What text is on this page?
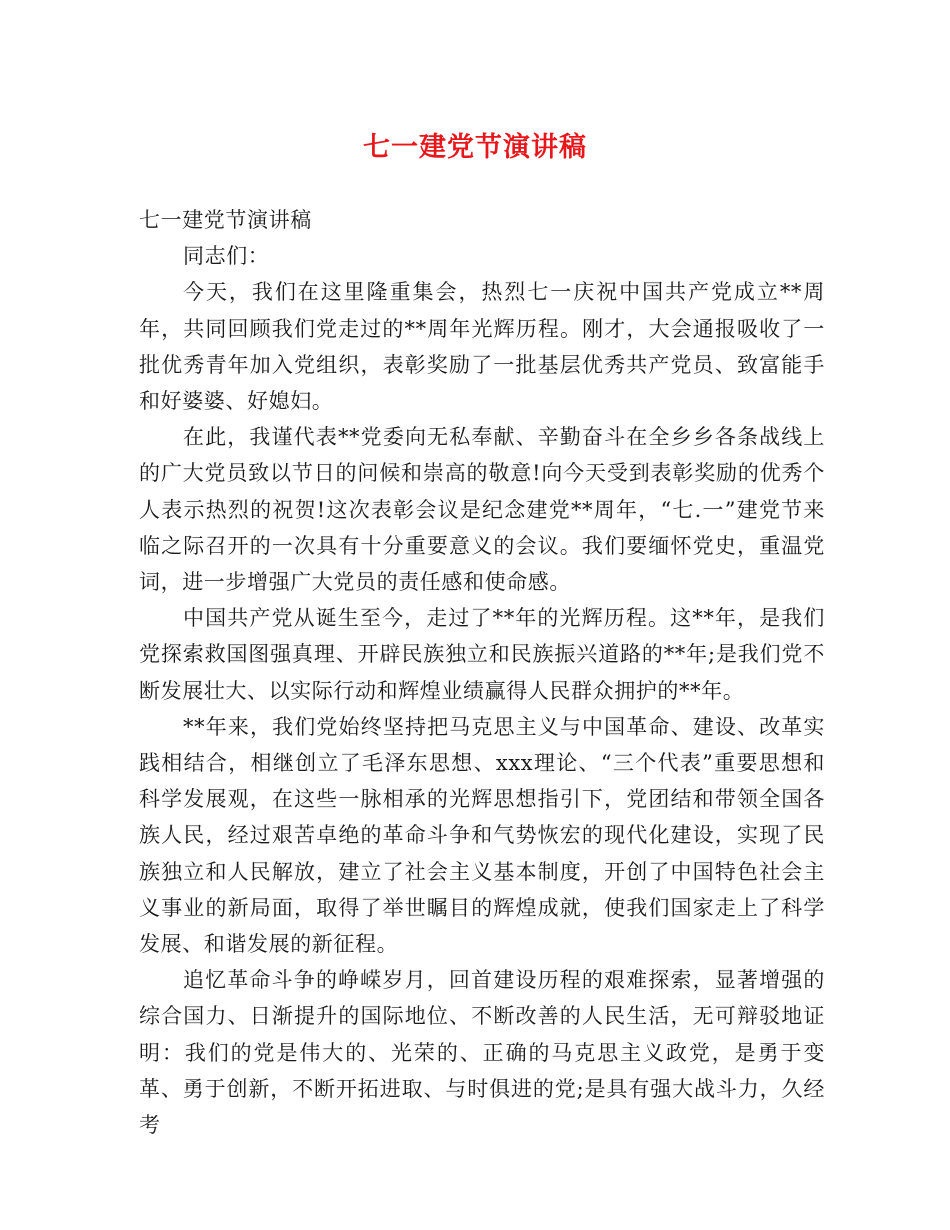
七一建党节演讲稿

七一建党节演讲稿

同志们：

今天，我们在这里隆重集会，热烈七一庆祝中国共产党成立**周年，共同回顾我们党走过的**周年光辉历程。刚才，大会通报吸收了一批优秀青年加入党组织，表彰奖励了一批基层优秀共产党员、致富能手和好婆婆、好媳妇。

在此，我谨代表**党委向无私奉献、辛勤奋斗在全乡乡各条战线上的广大党员致以节日的问候和崇高的敬意!向今天受到表彰奖励的优秀个人表示热烈的祝贺!这次表彰会议是纪念建党**周年，“七.一”建党节来临之际召开的一次具有十分重要意义的会议。我们要缅怀党史，重温党词，进一步增强广大党员的责任感和使命感。

中国共产党从诞生至今，走过了**年的光辉历程。这**年，是我们党探索救国图强真理、开辟民族独立和民族振兴道路的**年;是我们党不断发展壮大、以实际行动和辉煌业绩赢得人民群众拥护的**年。

**年来，我们党始终坚持把马克思主义与中国革命、建设、改革实践相结合，相继创立了毛泽东思想、xxx理论、“三个代表”重要思想和科学发展观，在这些一脉相承的光辉思想指引下，党团结和带领全国各族人民，经过艰苦卓绝的革命斗争和气势恢宏的现代化建设，实现了民族独立和人民解放，建立了社会主义基本制度，开创了中国特色社会主义事业的新局面，取得了举世瞩目的辉煌成就，使我们国家走上了科学发展、和谐发展的新征程。

追忆革命斗争的峥嵘岁月，回首建设历程的艰难探索，显著增强的综合国力、日渐提升的国际地位、不断改善的人民生活，无可辩驳地证明：我们的党是伟大的、光荣的、正确的马克思主义政党，是勇于变革、勇于创新，不断开拓进取、与时俱进的党;是具有强大战斗力，久经考
